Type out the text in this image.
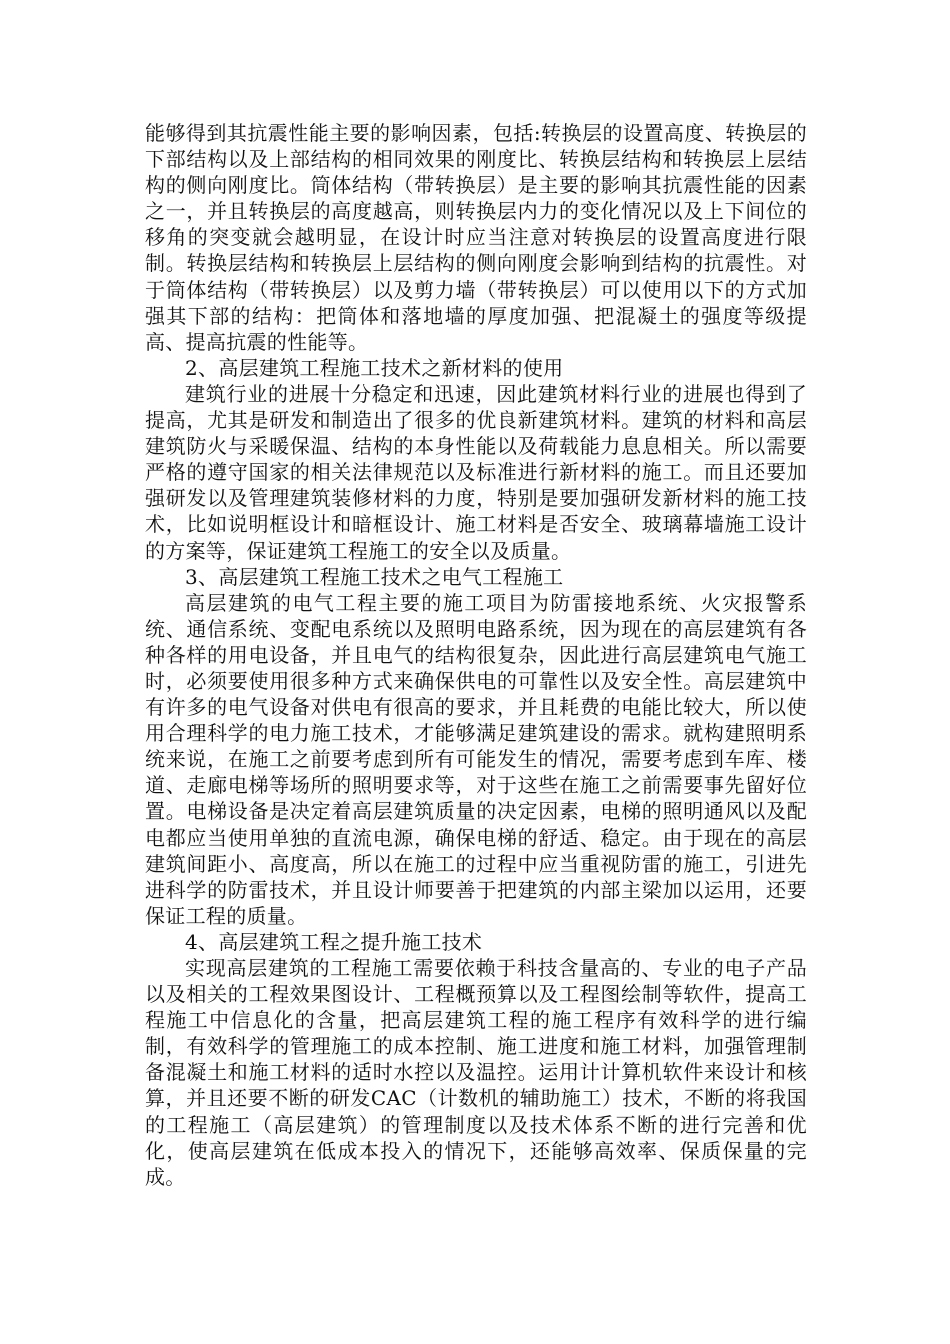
能够得到其抗震性能主要的影响因素，包括:转换层的设置高度、转换层的下部结构以及上部结构的相同效果的刚度比、转换层结构和转换层上层结构的侧向刚度比。筒体结构（带转换层）是主要的影响其抗震性能的因素之一，并且转换层的高度越高，则转换层内力的变化情况以及上下间位的移角的突变就会越明显，在设计时应当注意对转换层的设置高度进行限制。转换层结构和转换层上层结构的侧向刚度会影响到结构的抗震性。对于筒体结构（带转换层）以及剪力墙（带转换层）可以使用以下的方式加强其下部的结构：把筒体和落地墙的厚度加强、把混凝土的强度等级提高、提高抗震的性能等。

2、高层建筑工程施工技术之新材料的使用

建筑行业的进展十分稳定和迅速，因此建筑材料行业的进展也得到了提高，尤其是研发和制造出了很多的优良新建筑材料。建筑的材料和高层建筑防火与采暖保温、结构的本身性能以及荷载能力息息相关。所以需要严格的遵守国家的相关法律规范以及标准进行新材料的施工。而且还要加强研发以及管理建筑装修材料的力度，特别是要加强研发新材料的施工技术，比如说明框设计和暗框设计、施工材料是否安全、玻璃幕墙施工设计的方案等，保证建筑工程施工的安全以及质量。

3、高层建筑工程施工技术之电气工程施工

高层建筑的电气工程主要的施工项目为防雷接地系统、火灾报警系统、通信系统、变配电系统以及照明电路系统，因为现在的高层建筑有各种各样的用电设备，并且电气的结构很复杂，因此进行高层建筑电气施工时，必须要使用很多种方式来确保供电的可靠性以及安全性。高层建筑中有许多的电气设备对供电有很高的要求，并且耗费的电能比较大，所以使用合理科学的电力施工技术，才能够满足建筑建设的需求。就构建照明系统来说，在施工之前要考虑到所有可能发生的情况，需要考虑到车库、楼道、走廊电梯等场所的照明要求等，对于这些在施工之前需要事先留好位置。电梯设备是决定着高层建筑质量的决定因素，电梯的照明通风以及配电都应当使用单独的直流电源，确保电梯的舒适、稳定。由于现在的高层建筑间距小、高度高，所以在施工的过程中应当重视防雷的施工，引进先进科学的防雷技术，并且设计师要善于把建筑的内部主梁加以运用，还要保证工程的质量。

4、高层建筑工程之提升施工技术

实现高层建筑的工程施工需要依赖于科技含量高的、专业的电子产品以及相关的工程效果图设计、工程概预算以及工程图绘制等软件，提高工程施工中信息化的含量，把高层建筑工程的施工程序有效科学的进行编制，有效科学的管理施工的成本控制、施工进度和施工材料，加强管理制备混凝土和施工材料的适时水控以及温控。运用计计算机软件来设计和核算，并且还要不断的研发CAC（计数机的辅助施工）技术，不断的将我国的工程施工（高层建筑）的管理制度以及技术体系不断的进行完善和优化，使高层建筑在低成本投入的情况下，还能够高效率、保质保量的完成。
